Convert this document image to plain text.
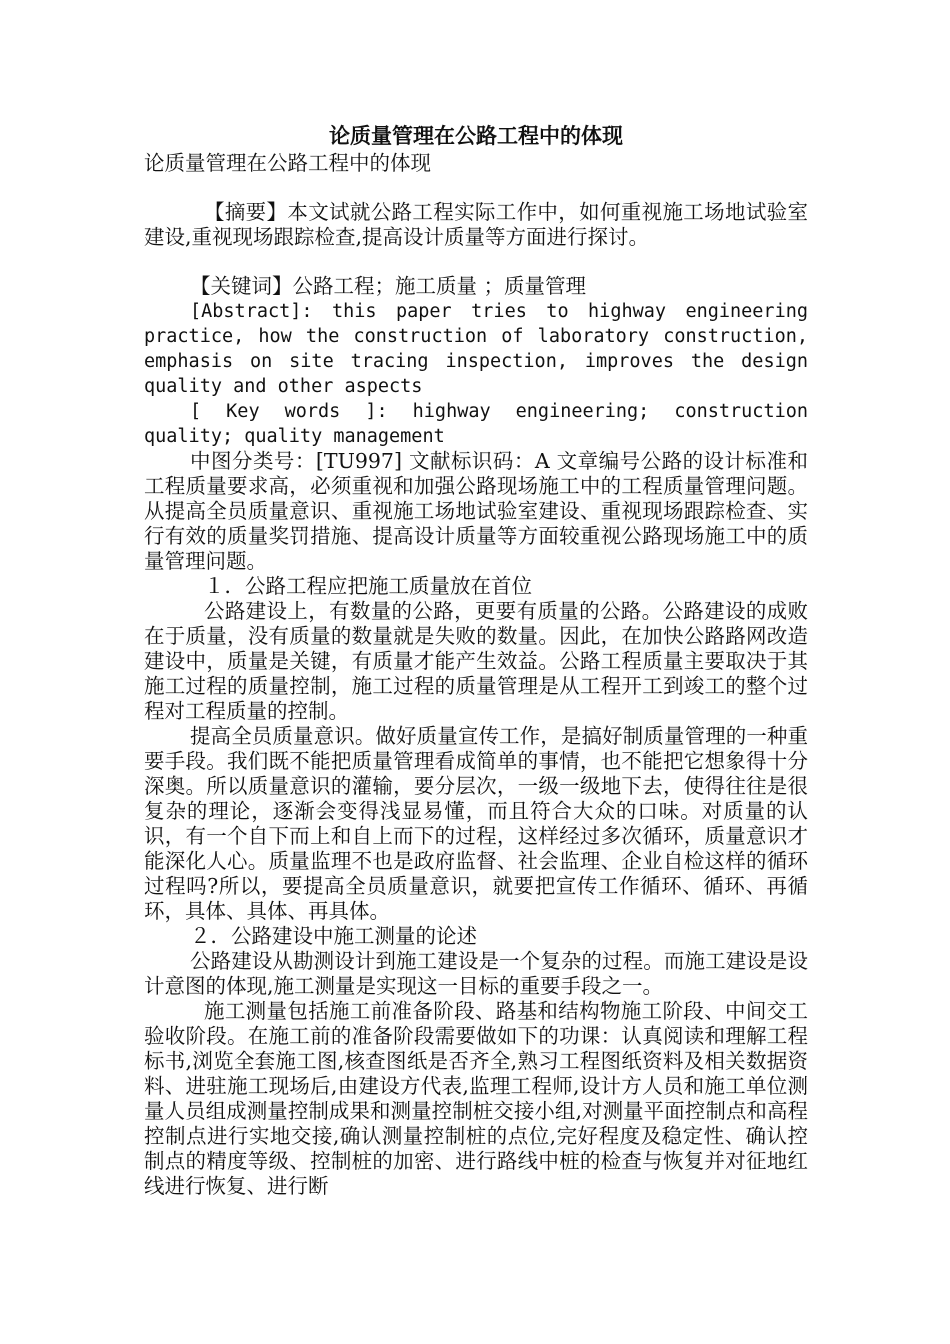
论质量管理在公路工程中的体现

论质量管理在公路工程中的体现

【摘要】本文试就公路工程实际工作中，如何重视施工场地试验室建设,重视现场跟踪检查,提高设计质量等方面进行探讨。

【关键词】公路工程；施工质量 ；质量管理

[Abstract]: this paper tries to highway engineering practice, how the construction of laboratory construction, emphasis on site tracing inspection, improves the design quality and other aspects

[ Key words ]: highway engineering; construction quality; quality management

中图分类号：[TU997] 文献标识码：A 文章编号公路的设计标准和工程质量要求高，必须重视和加强公路现场施工中的工程质量管理问题。从提高全员质量意识、重视施工场地试验室建设、重视现场跟踪检查、实行有效的质量奖罚措施、提高设计质量等方面较重视公路现场施工中的质量管理问题。

１．公路工程应把施工质量放在首位

公路建设上，有数量的公路，更要有质量的公路。公路建设的成败在于质量，没有质量的数量就是失败的数量。因此，在加快公路路网改造建设中，质量是关键，有质量才能产生效益。公路工程质量主要取决于其施工过程的质量控制，施工过程的质量管理是从工程开工到竣工的整个过程对工程质量的控制。

提高全员质量意识。做好质量宣传工作，是搞好制质量管理的一种重要手段。我们既不能把质量管理看成简单的事情，也不能把它想象得十分深奥。所以质量意识的灌输，要分层次，一级一级地下去，使得往往是很复杂的理论，逐渐会变得浅显易懂，而且符合大众的口味。对质量的认识，有一个自下而上和自上而下的过程，这样经过多次循环，质量意识才能深化人心。质量监理不也是政府监督、社会监理、企业自检这样的循环过程吗?所以，要提高全员质量意识，就要把宣传工作循环、循环、再循环，具体、具体、再具体。

２．公路建设中施工测量的论述

公路建设从勘测设计到施工建设是一个复杂的过程。而施工建设是设计意图的体现,施工测量是实现这一目标的重要手段之一。

施工测量包括施工前准备阶段、路基和结构物施工阶段、中间交工验收阶段。在施工前的准备阶段需要做如下的功课：认真阅读和理解工程标书,浏览全套施工图,核查图纸是否齐全,熟习工程图纸资料及相关数据资料、进驻施工现场后,由建设方代表,监理工程师,设计方人员和施工单位测量人员组成测量控制成果和测量控制桩交接小组,对测量平面控制点和高程控制点进行实地交接,确认测量控制桩的点位,完好程度及稳定性、确认控制点的精度等级、控制桩的加密、进行路线中桩的检查与恢复并对征地红线进行恢复、进行断
